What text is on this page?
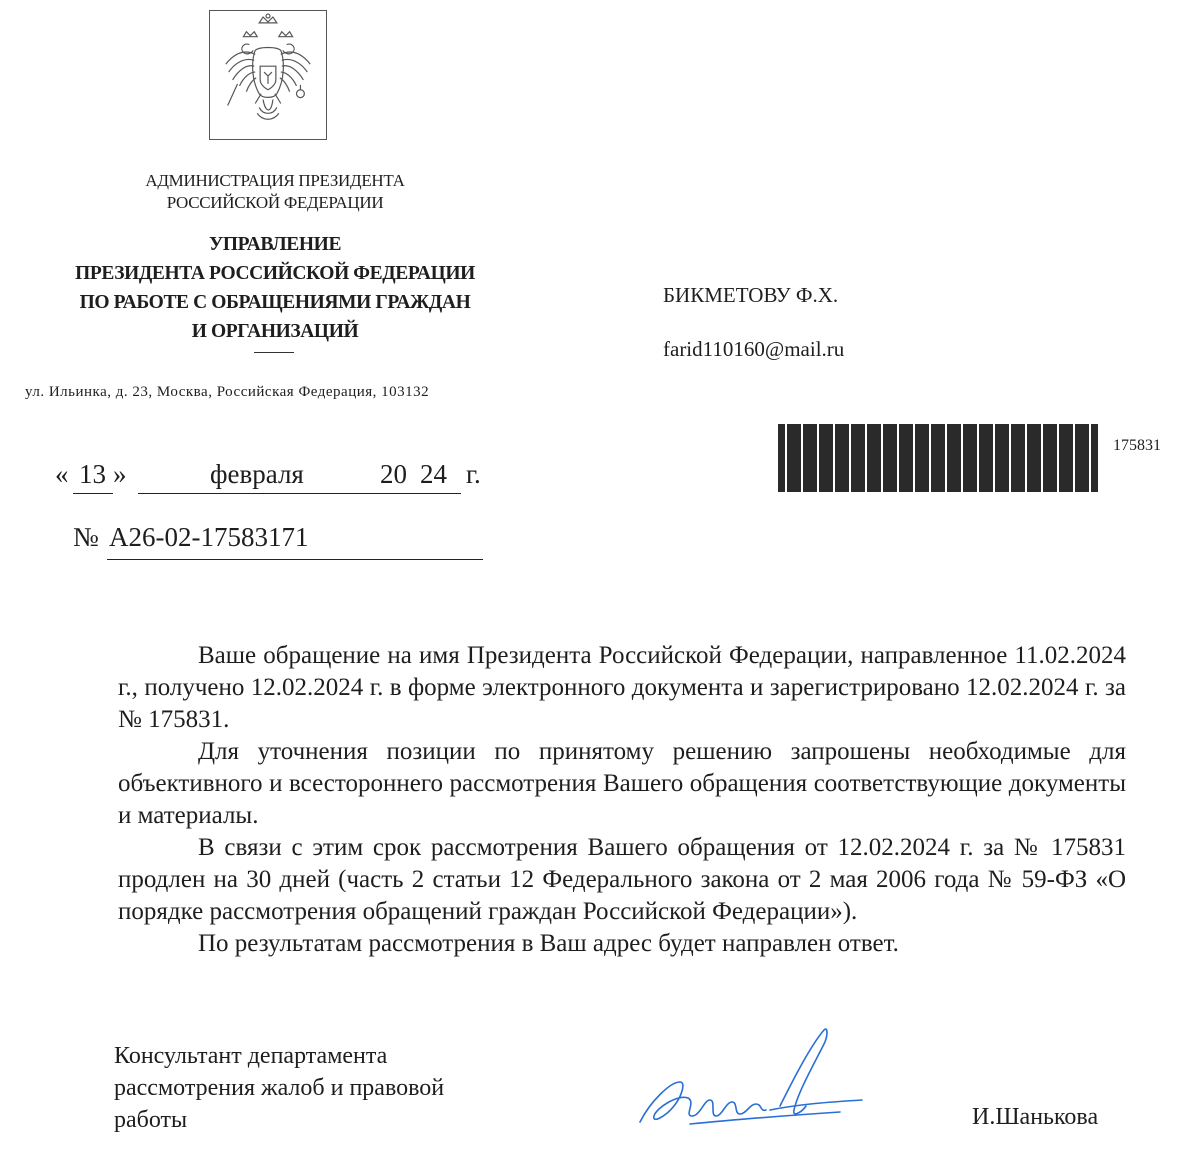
АДМИНИСТРАЦИЯ ПРЕЗИДЕНТА
РОССИЙСКОЙ ФЕДЕРАЦИИ
УПРАВЛЕНИЕ
ПРЕЗИДЕНТА РОССИЙСКОЙ ФЕДЕРАЦИИ
ПО РАБОТЕ С ОБРАЩЕНИЯМИ ГРАЖДАН
И ОРГАНИЗАЦИЙ
ул. Ильинка, д. 23, Москва, Российская Федерация, 103132
БИКМЕТОВУ Ф.Х.
farid110160@mail.ru
175831
« 13 »	февраля	20 24 г.
№ А26-02-17583171

Ваше обращение на имя Президента Российской Федерации, направленное 11.02.2024 г., получено 12.02.2024 г. в форме электронного документа и зарегистрировано 12.02.2024 г. за № 175831.

Для уточнения позиции по принятому решению запрошены необходимые для объективного и всестороннего рассмотрения Вашего обращения соответствующие документы и материалы.

В связи с этим срок рассмотрения Вашего обращения от 12.02.2024 г. за № 175831 продлен на 30 дней (часть 2 статьи 12 Федерального закона от 2 мая 2006 года № 59-ФЗ «О порядке рассмотрения обращений граждан Российской Федерации»).

По результатам рассмотрения в Ваш адрес будет направлен ответ.

Консультант департамента
рассмотрения жалоб и правовой
работы	И.Шанькова
